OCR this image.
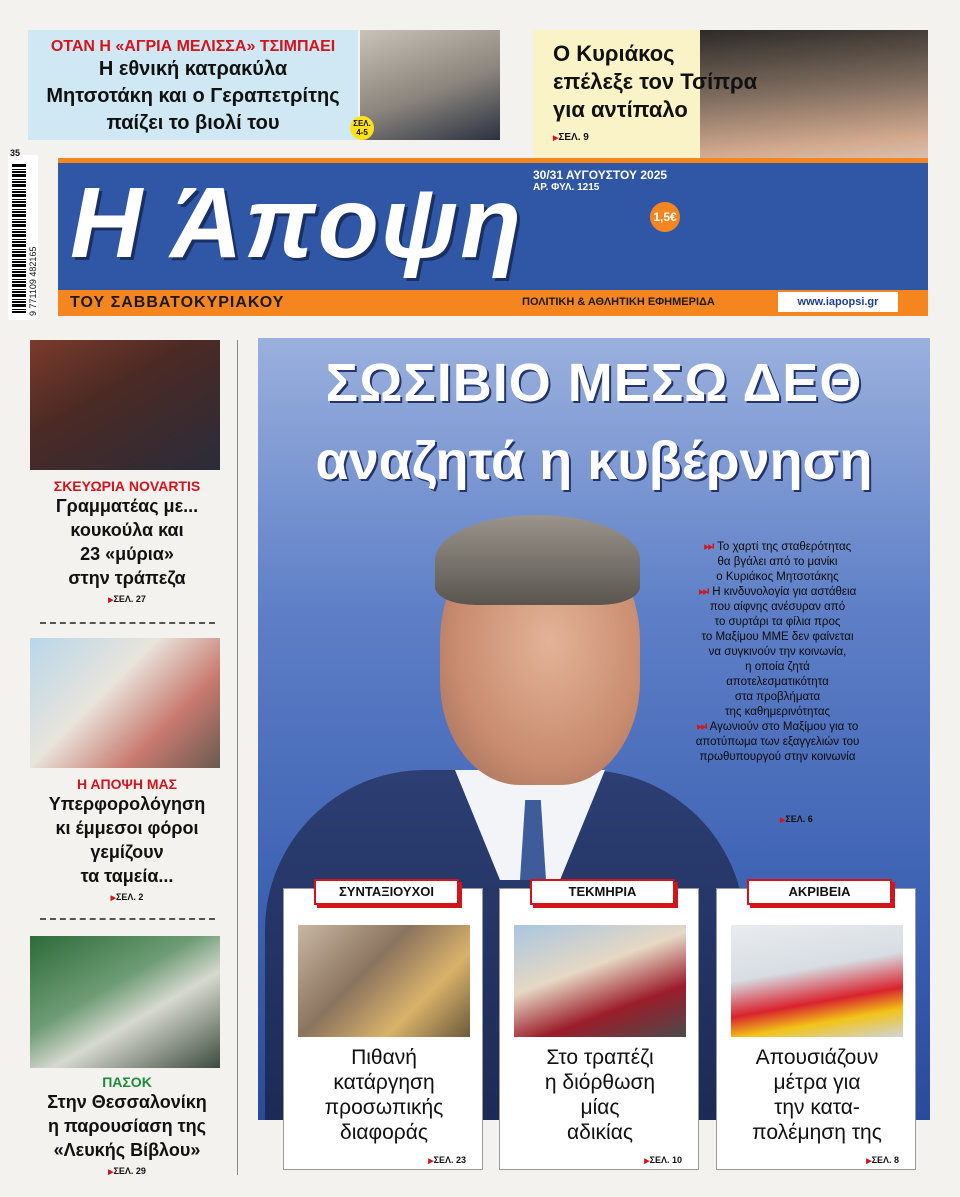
ΟΤΑΝ Η «ΑΓΡΙΑ ΜΕΛΙΣΣΑ» ΤΣΙΜΠΑΕΙ
Η εθνική κατρακύλα
Μητσοτάκη και ο Γεραπετρίτης
παίζει το βιολί του	ΣΕΛ. 4-5
Ο Κυριάκος
επέλεξε τον Τσίπρα
για αντίπαλο
▶ ΣΕΛ. 9
9 771109 482165
35
Η Άποψη 30/31 ΑΥΓΟΥΣΤΟΥ 2025
ΑΡ. ΦΥΛ. 1215
1,5€
ΤΟΥ ΣΑΒΒΑΤΟΚΥΡΙΑΚΟΥ	ΠΟΛΙΤΙΚΗ & ΑΘΛΗΤΙΚΗ ΕΦΗΜΕΡΙΔΑ	www.iapopsi.gr
ΣΚΕΥΩΡΙΑ NOVARTIS
Γραμματέας με...
κουκούλα και
23 «μύρια»
στην τράπεζα
▶ ΣΕΛ. 27
Η ΑΠΟΨΗ ΜΑΣ
Υπερφορολόγηση
κι έμμεσοι φόροι
γεμίζουν
τα ταμεία...
▶ ΣΕΛ. 2
ΠΑΣΟΚ
Στην Θεσσαλονίκη
η παρουσίαση της
«Λευκής Βίβλου»
▶ ΣΕΛ. 29
ΣΩΣΙΒΙΟ ΜΕΣΩ ΔΕΘ
αναζητά η κυβέρνηση

⏭ Το χαρτί της σταθερότητας

θα βγάλει από το μανίκι

ο Κυριάκος Μητσοτάκης

⏭ Η κινδυνολογία για αστάθεια

που αίφνης ανέσυραν από

το συρτάρι τα φίλια προς

το Μαξίμου ΜΜΕ δεν φαίνεται

να συγκινούν την κοινωνία,

η οποία ζητά

αποτελεσματικότητα

στα προβλήματα

της καθημερινότητας

⏭ Αγωνιούν στο Μαξίμου για το

αποτύπωμα των εξαγγελιών του

πρωθυπουργού στην κοινωνία

▶ ΣΕΛ. 6
ΣΥΝΤΑΞΙΟΥΧΟΙ
Πιθανή
κατάργηση
προσωπικής
διαφοράς
▶ ΣΕΛ. 23
ΤΕΚΜΗΡΙΑ
Στο τραπέζι
η διόρθωση
μίας
αδικίας
▶ ΣΕΛ. 10
ΑΚΡΙΒΕΙΑ
Απουσιάζουν
μέτρα για
την κατα-
πολέμηση της
▶ ΣΕΛ. 8
